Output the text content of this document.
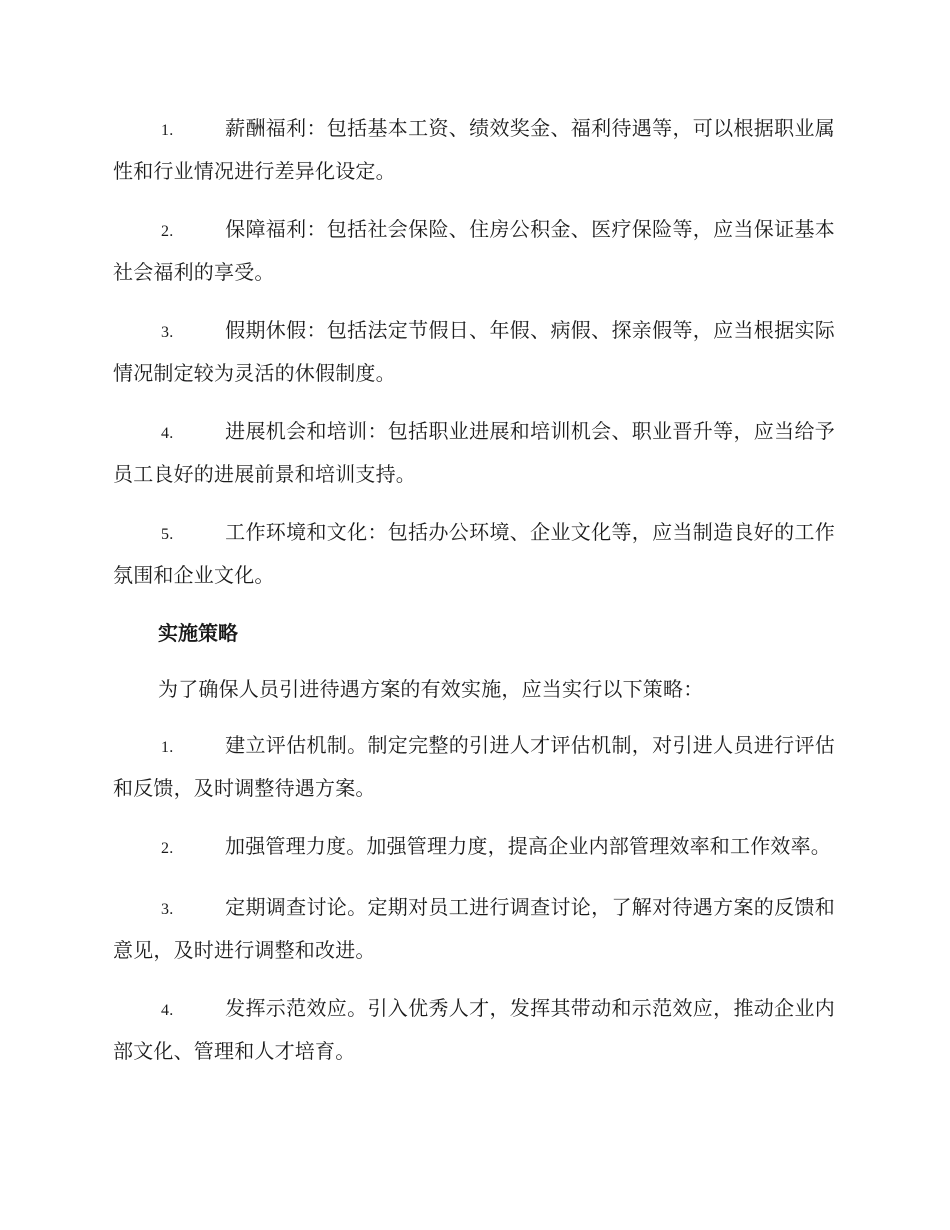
1.	薪酬福利：包括基本工资、绩效奖金、福利待遇等，可以根据职业属性和行业情况进行差异化设定。

2.	保障福利：包括社会保险、住房公积金、医疗保险等，应当保证基本社会福利的享受。

3.	假期休假：包括法定节假日、年假、病假、探亲假等，应当根据实际情况制定较为灵活的休假制度。

4.	进展机会和培训：包括职业进展和培训机会、职业晋升等，应当给予员工良好的进展前景和培训支持。

5.	工作环境和文化：包括办公环境、企业文化等，应当制造良好的工作氛围和企业文化。

实施策略
为了确保人员引进待遇方案的有效实施，应当实行以下策略：

1.	建立评估机制。制定完整的引进人才评估机制，对引进人员进行评估和反馈，及时调整待遇方案。

2.	加强管理力度。加强管理力度，提高企业内部管理效率和工作效率。

3.	定期调查讨论。定期对员工进行调查讨论，了解对待遇方案的反馈和意见，及时进行调整和改进。

4.	发挥示范效应。引入优秀人才，发挥其带动和示范效应，推动企业内部文化、管理和人才培育。
